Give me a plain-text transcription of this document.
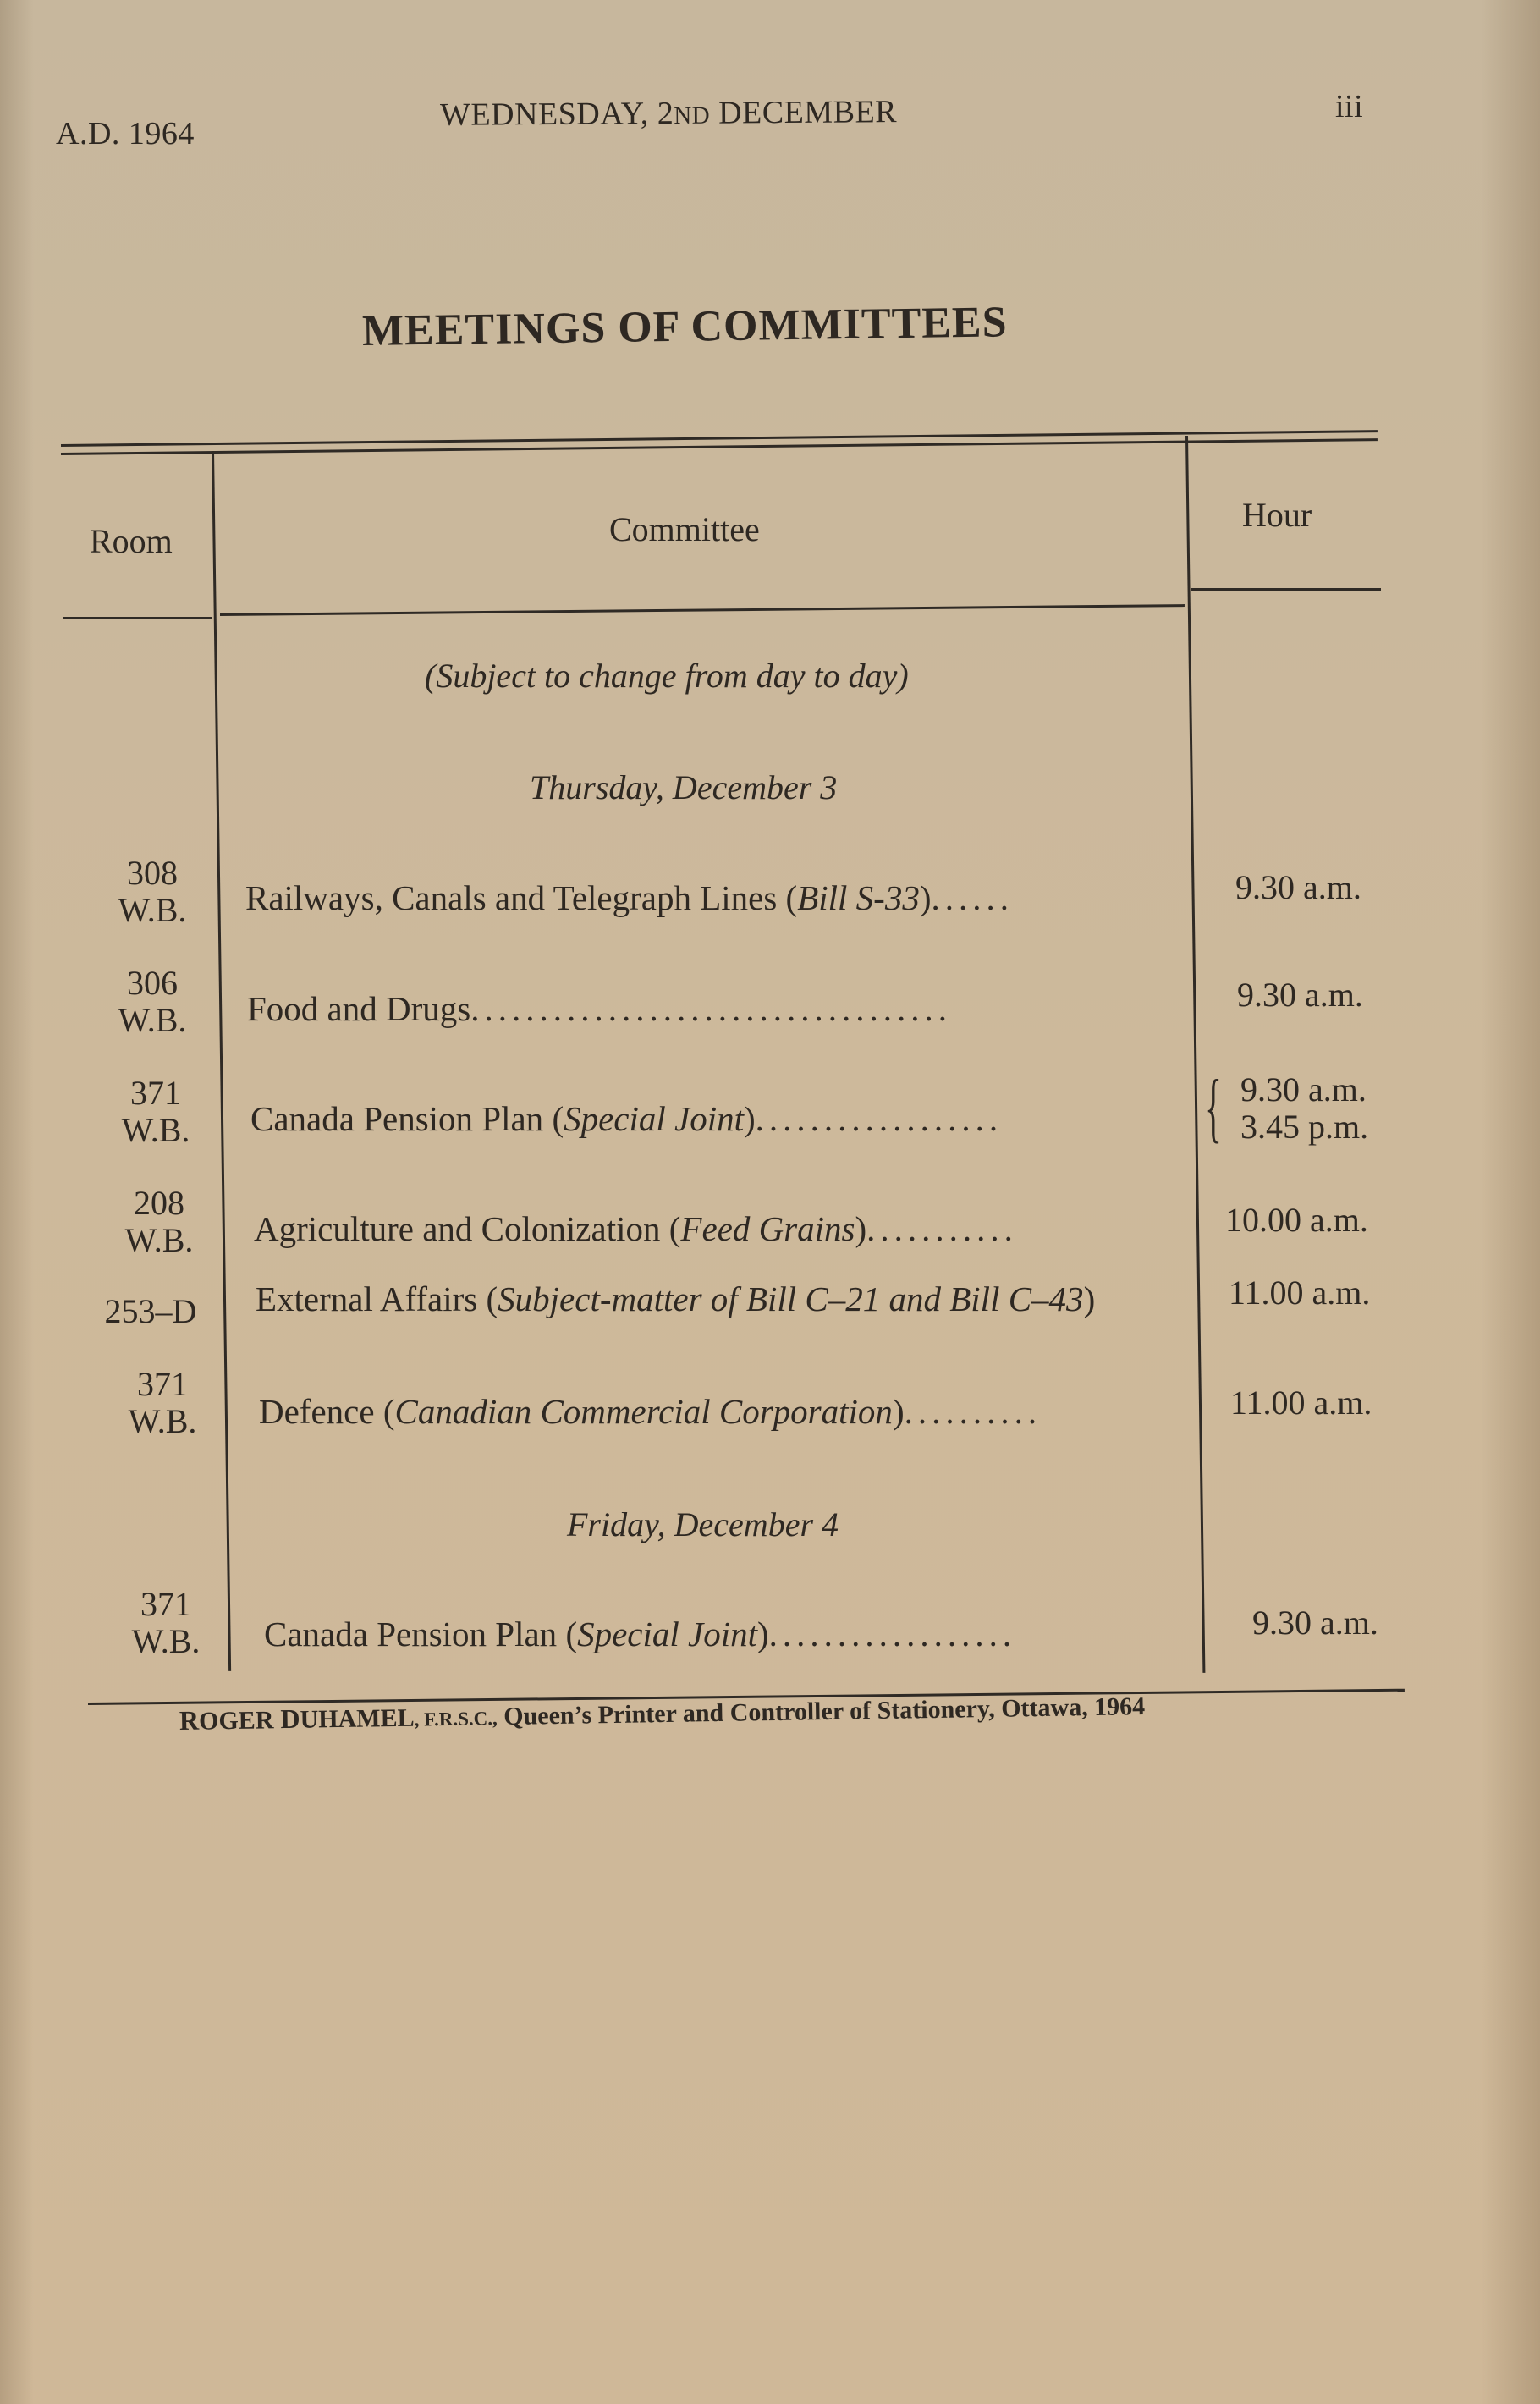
A.D. 1964
WEDNESDAY, 2ND DECEMBER	iii
MEETINGS OF COMMITTEES
Room	Committee	Hour
(Subject to change from day to day)
Thursday, December 3
308
W.B.	Railways, Canals and Telegraph Lines (Bill S-33)......	9.30 a.m.
306
W.B.	Food and Drugs...................................	9.30 a.m.
371
W.B.	Canada Pension Plan (Special Joint)..................	{ 9.30 a.m.
3.45 p.m.
208
W.B.	Agriculture and Colonization (Feed Grains)...........	10.00 a.m.
253–D	External Affairs (Subject-matter of Bill C–21 and Bill C–43)	11.00 a.m.
371
W.B.	Defence (Canadian Commercial Corporation)..........	11.00 a.m.
Friday, December 4
371
W.B.	Canada Pension Plan (Special Joint)..................	9.30 a.m.
ROGER DUHAMEL, F.R.S.C., Queen’s Printer and Controller of Stationery, Ottawa, 1964
